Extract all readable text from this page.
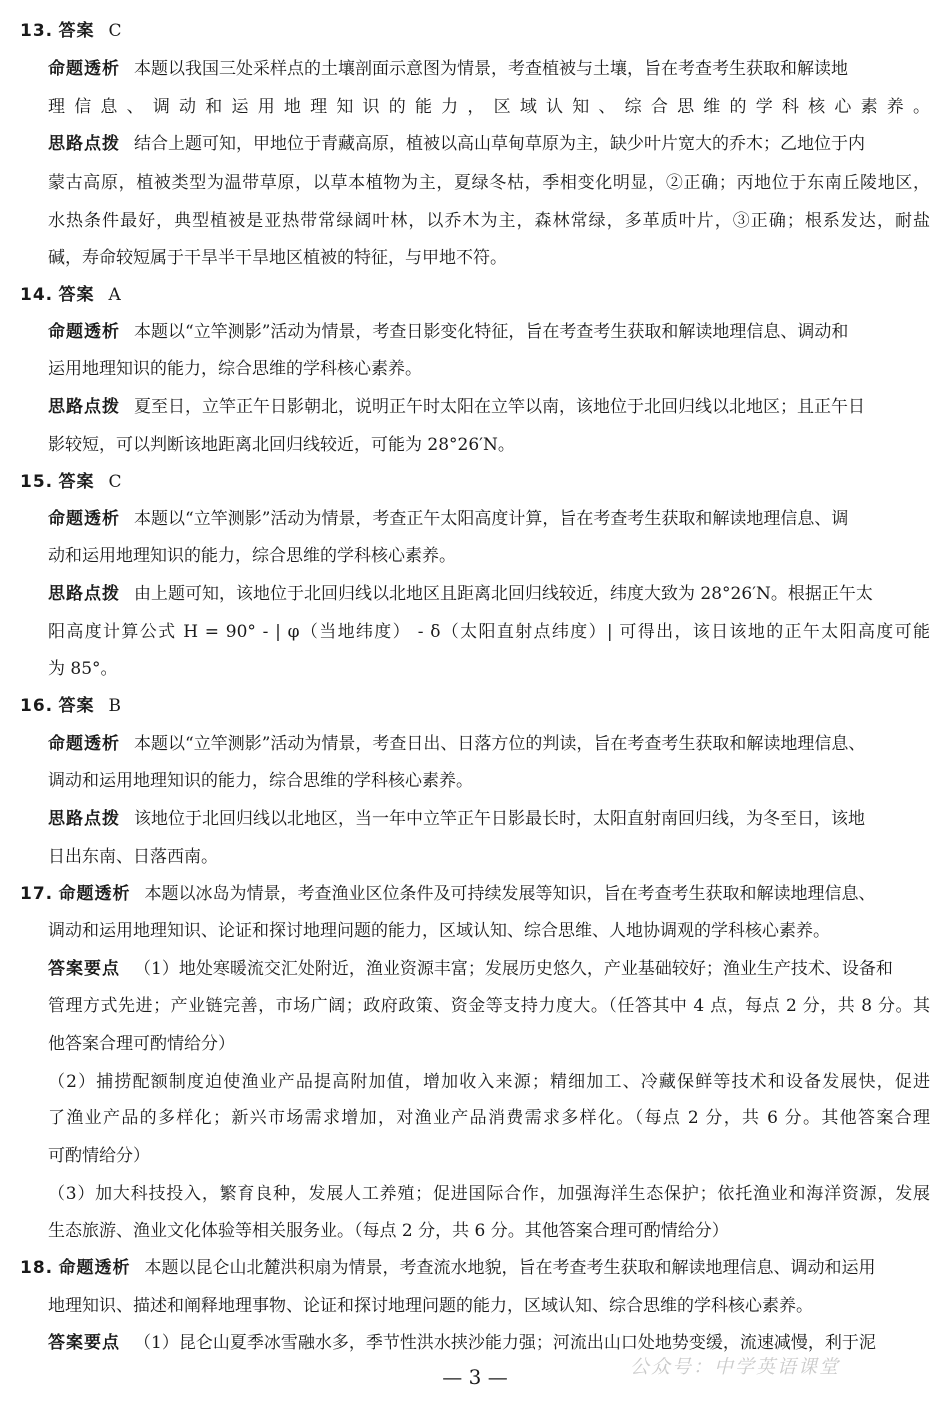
13. 答案 C
命题透析 本题以我国三处采样点的土壤剖面示意图为情景，考查植被与土壤，旨在考查考生获取和解读地
理信息、调动和运用地理知识的能力，区域认知、综合思维的学科核心素养。
思路点拨 结合上题可知，甲地位于青藏高原，植被以高山草甸草原为主，缺少叶片宽大的乔木；乙地位于内
蒙古高原，植被类型为温带草原，以草本植物为主，夏绿冬枯，季相变化明显，②正确；丙地位于东南丘陵地区，
水热条件最好，典型植被是亚热带常绿阔叶林，以乔木为主，森林常绿，多革质叶片，③正确；根系发达，耐盐
碱，寿命较短属于干旱半干旱地区植被的特征，与甲地不符。
14. 答案 A
命题透析 本题以“立竿测影”活动为情景，考查日影变化特征，旨在考查考生获取和解读地理信息、调动和
运用地理知识的能力，综合思维的学科核心素养。
思路点拨 夏至日，立竿正午日影朝北，说明正午时太阳在立竿以南，该地位于北回归线以北地区；且正午日
影较短，可以判断该地距离北回归线较近，可能为 28°26′N。
15. 答案 C
命题透析 本题以“立竿测影”活动为情景，考查正午太阳高度计算，旨在考查考生获取和解读地理信息、调
动和运用地理知识的能力，综合思维的学科核心素养。
思路点拨 由上题可知，该地位于北回归线以北地区且距离北回归线较近，纬度大致为 28°26′N。根据正午太
阳高度计算公式 H = 90° - | φ（当地纬度） - δ（太阳直射点纬度）| 可得出，该日该地的正午太阳高度可能
为 85°。
16. 答案 B
命题透析 本题以“立竿测影”活动为情景，考查日出、日落方位的判读，旨在考查考生获取和解读地理信息、
调动和运用地理知识的能力，综合思维的学科核心素养。
思路点拨 该地位于北回归线以北地区，当一年中立竿正午日影最长时，太阳直射南回归线，为冬至日，该地
日出东南、日落西南。
17. 命题透析 本题以冰岛为情景，考查渔业区位条件及可持续发展等知识，旨在考查考生获取和解读地理信息、
调动和运用地理知识、论证和探讨地理问题的能力，区域认知、综合思维、人地协调观的学科核心素养。
答案要点 （1）地处寒暖流交汇处附近，渔业资源丰富；发展历史悠久，产业基础较好；渔业生产技术、设备和
管理方式先进；产业链完善，市场广阔；政府政策、资金等支持力度大。（任答其中 4 点，每点 2 分，共 8 分。其
他答案合理可酌情给分）
（2）捕捞配额制度迫使渔业产品提高附加值，增加收入来源；精细加工、冷藏保鲜等技术和设备发展快，促进
了渔业产品的多样化；新兴市场需求增加，对渔业产品消费需求多样化。（每点 2 分，共 6 分。其他答案合理
可酌情给分）
（3）加大科技投入，繁育良种，发展人工养殖；促进国际合作，加强海洋生态保护；依托渔业和海洋资源，发展
生态旅游、渔业文化体验等相关服务业。（每点 2 分，共 6 分。其他答案合理可酌情给分）
18. 命题透析 本题以昆仑山北麓洪积扇为情景，考查流水地貌，旨在考查考生获取和解读地理信息、调动和运用
地理知识、描述和阐释地理事物、论证和探讨地理问题的能力，区域认知、综合思维的学科核心素养。
答案要点 （1）昆仑山夏季冰雪融水多，季节性洪水挟沙能力强；河流出山口处地势变缓，流速减慢，利于泥
— 3 —	公众号：中学英语课堂
